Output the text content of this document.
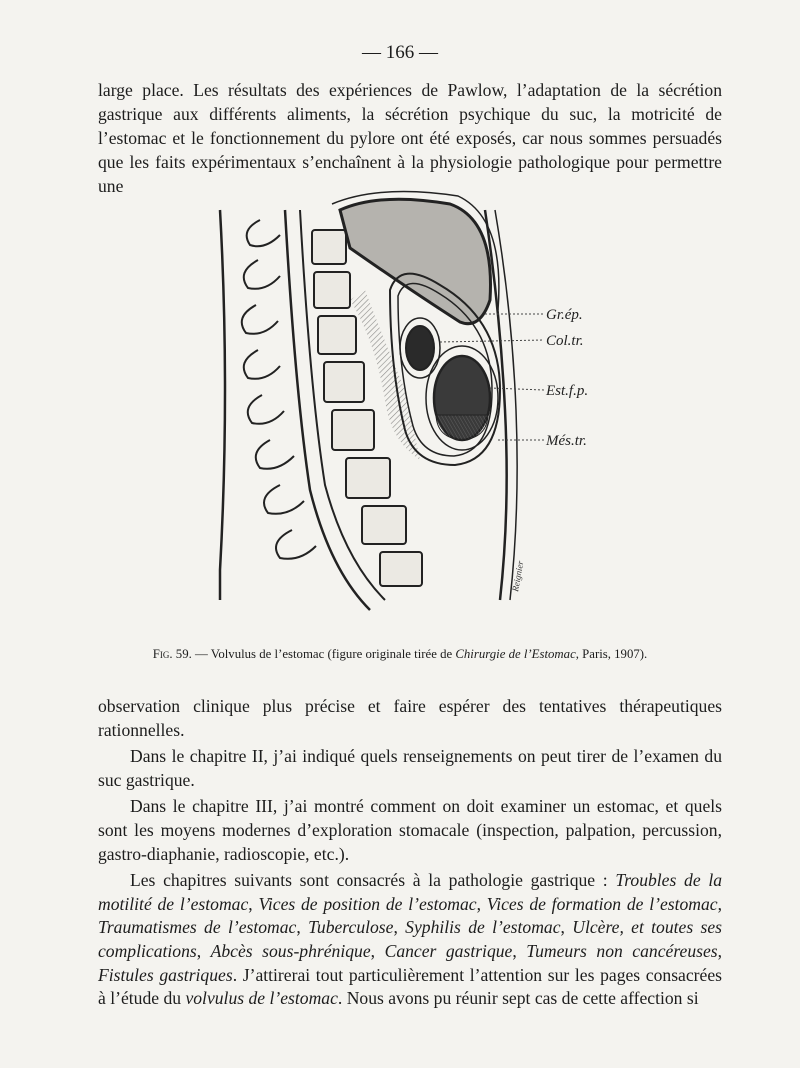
— 166 —

large place. Les résultats des expériences de Pawlow, l’adaptation de la sécrétion gastrique aux différents aliments, la sécrétion psychique du suc, la motricité de l’estomac et le fonctionnement du pylore ont été exposés, car nous sommes persuadés que les faits expérimentaux s’enchaînent à la physiologie pathologique pour permettre une

Gr.ép.
Col.tr.
Est.f.p.
Més.tr.
Reignier
Fig. 59. — Volvulus de l’estomac (figure originale tirée de Chirurgie de l’Estomac, Paris, 1907).

observation clinique plus précise et faire espérer des tentatives thérapeutiques rationnelles.

Dans le chapitre II, j’ai indiqué quels renseignements on peut tirer de l’examen du suc gastrique.

Dans le chapitre III, j’ai montré comment on doit examiner un estomac, et quels sont les moyens modernes d’exploration stomacale (inspection, palpation, percussion, gastro-diaphanie, radioscopie, etc.).

Les chapitres suivants sont consacrés à la pathologie gastrique : Troubles de la motilité de l’estomac, Vices de position de l’estomac, Vices de formation de l’estomac, Traumatismes de l’estomac, Tuberculose, Syphilis de l’estomac, Ulcère, et toutes ses complications, Abcès sous-phrénique, Cancer gastrique, Tumeurs non cancéreuses, Fistules gastriques. J’attirerai tout particulièrement l’attention sur les pages consacrées à l’étude du volvulus de l’estomac. Nous avons pu réunir sept cas de cette affection si
